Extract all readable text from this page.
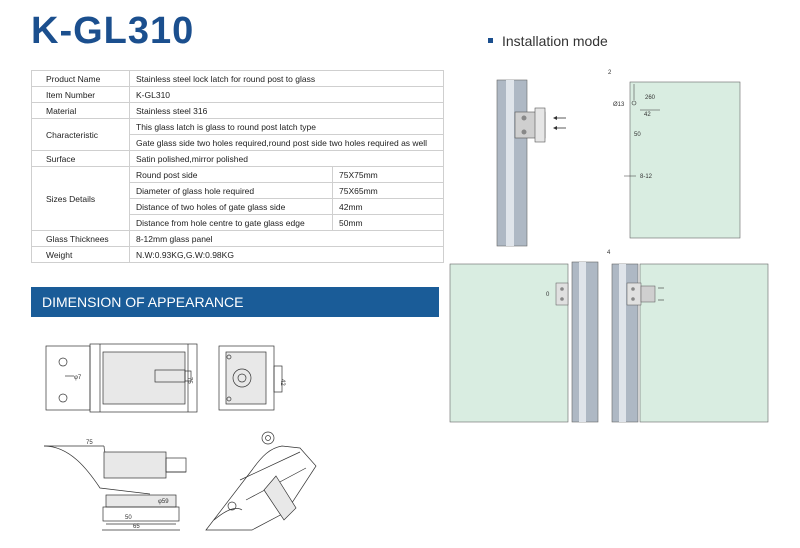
K-GL310	Installation mode
Product Name	Stainless steel lock latch for round post to glass	
Item Number	K-GL310	
Material	Stainless steel 316	
Characteristic	This glass latch is glass to round post latch type	
	Gate glass side two holes required,round post side two holes required as well	
Surface	Satin polished,mirror polished	
Sizes Details	Round post side	75X75mm
	Diameter of glass hole required	75X65mm
	Distance of two holes of gate glass side	42mm
	Distance from hole centre to gate glass edge	50mm
Glass Thicknees	8-12mm glass panel	
Weight	N.W:0.93KG,G.W:0.98KG	
DIMENSION OF APPEARANCE
φ7	75	42
75
50
65
φ59
2
260
42
Ø13
50
8-12
4
0
